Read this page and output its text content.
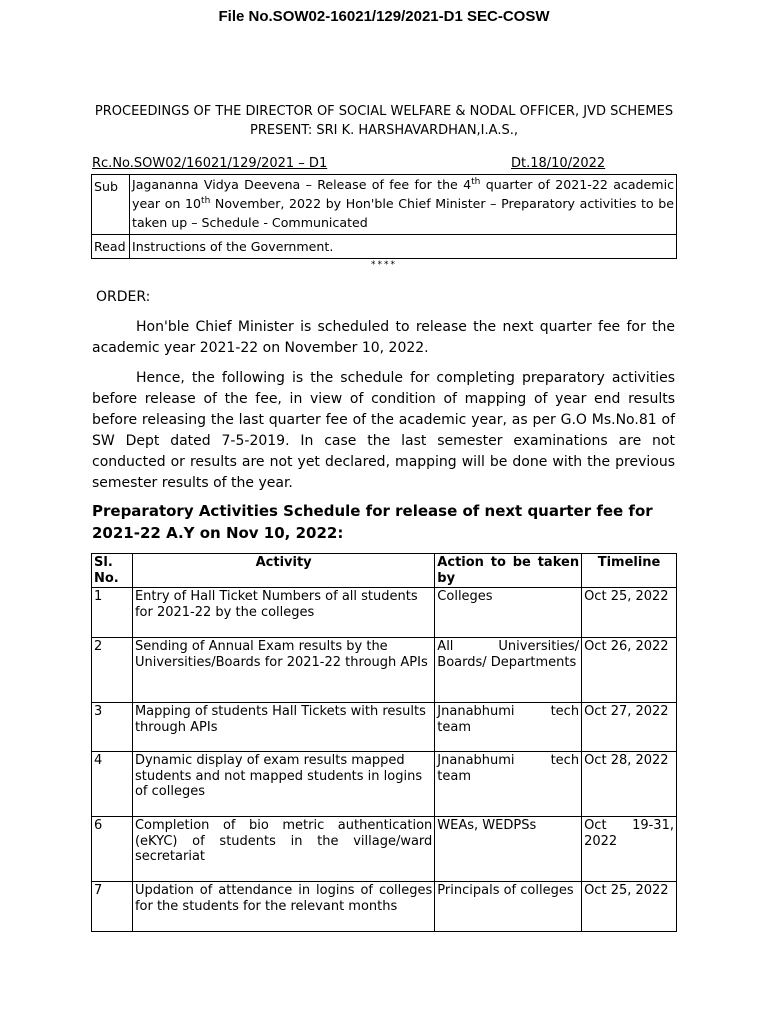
File No.SOW02-16021/129/2021-D1 SEC-COSW
PROCEEDINGS OF THE DIRECTOR OF SOCIAL WELFARE & NODAL OFFICER, JVD SCHEMES
PRESENT: SRI K. HARSHAVARDHAN,I.A.S.,
Rc.No.SOW02/16021/129/2021 – D1	Dt.18/10/2022
Sub	Jagananna Vidya Deevena – Release of fee for the 4th quarter of 2021-22 academic year on 10th November, 2022 by Hon'ble Chief Minister – Preparatory activities to be taken up – Schedule - Communicated
Read	Instructions of the Government.
****
ORDER:
Hon'ble Chief Minister is scheduled to release the next quarter fee for the academic year 2021-22 on November 10, 2022.
Hence, the following is the schedule for completing preparatory activities before release of the fee, in view of condition of mapping of year end results before releasing the last quarter fee of the academic year, as per G.O Ms.No.81 of SW Dept dated 7-5-2019. In case the last semester examinations are not conducted or results are not yet declared, mapping will be done with the previous semester results of the year.
Preparatory Activities Schedule for release of next quarter fee for 2021-22 A.Y on Nov 10, 2022:
Sl. No.	Activity	Action to be taken by	Timeline
1	Entry of Hall Ticket Numbers of all students for 2021-22 by the colleges	Colleges	Oct 25, 2022
2	Sending of Annual Exam results by the Universities/Boards for 2021-22 through APIs	All Universities/ Boards/ Departments	Oct 26, 2022
3	Mapping of students Hall Tickets with results through APIs	Jnanabhumi tech team	Oct 27, 2022
4	Dynamic display of exam results mapped students and not mapped students in logins of colleges	Jnanabhumi tech team	Oct 28, 2022
6	Completion of bio metric authentication (eKYC) of students in the village/ward secretariat	WEAs, WEDPSs	Oct 19-31, 2022
7	Updation of attendance in logins of colleges for the students for the relevant months	Principals of colleges	Oct 25, 2022
